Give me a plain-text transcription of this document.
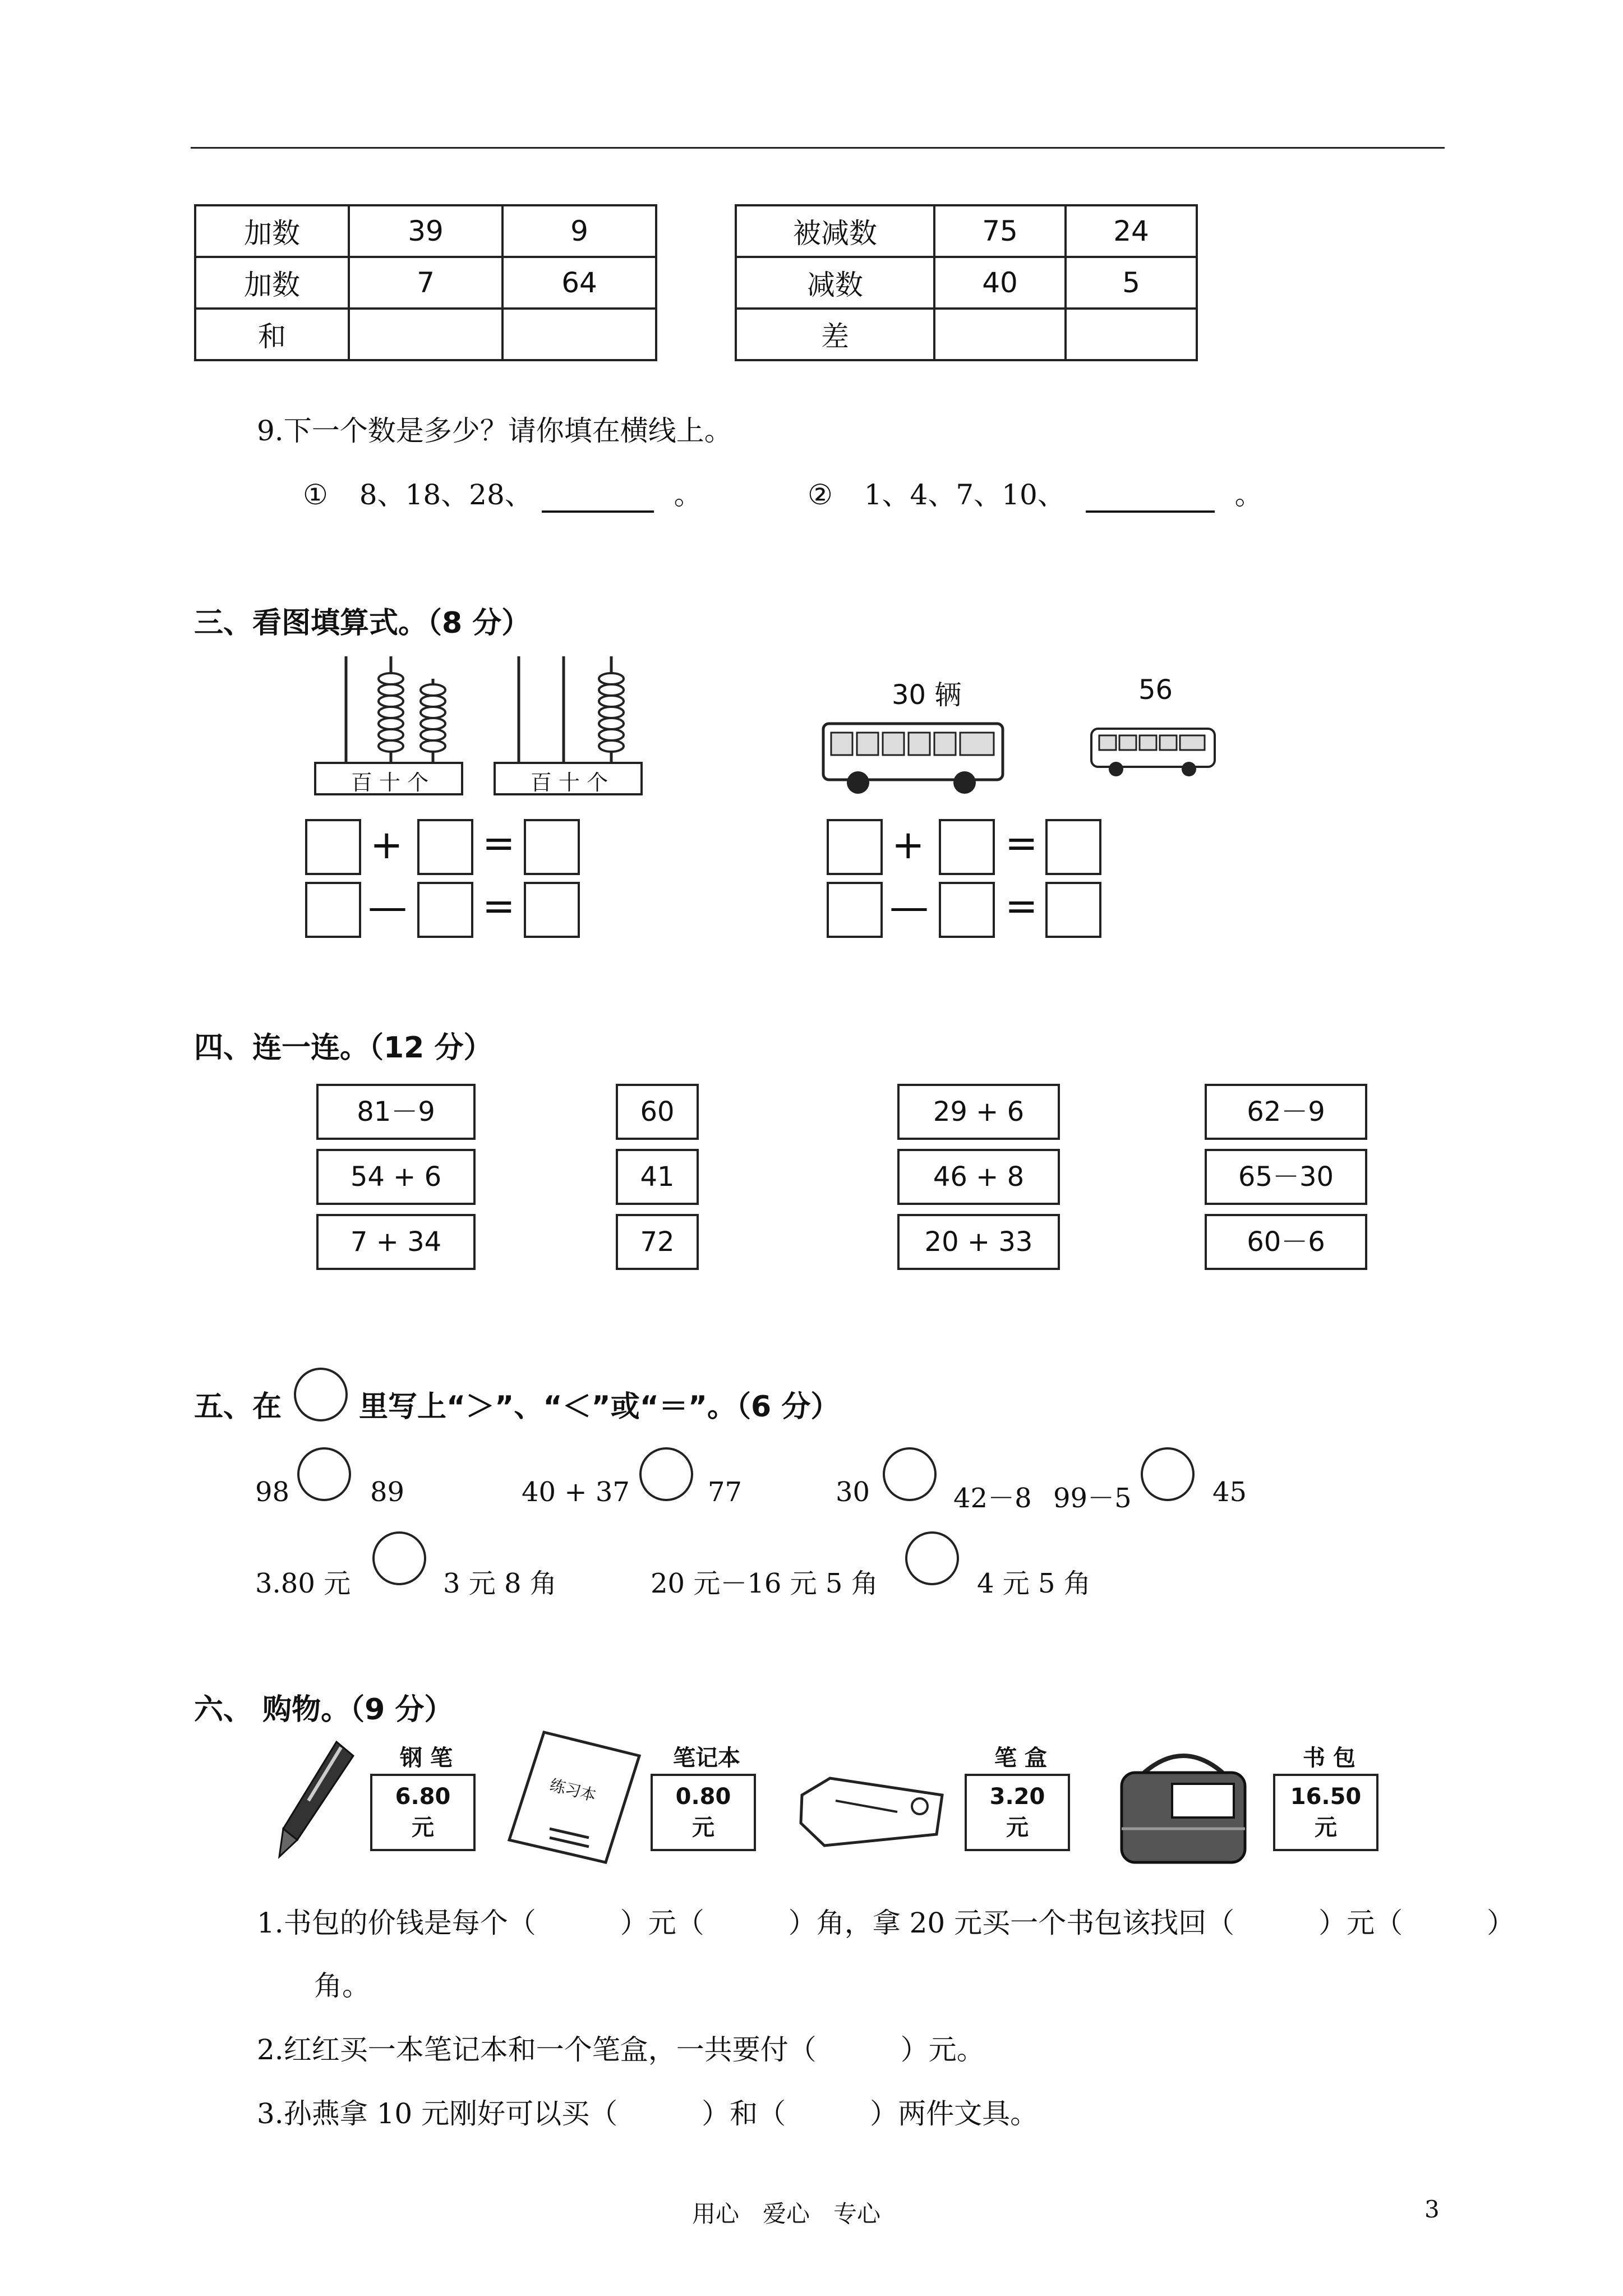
加数	39	9
加数	7	64
和		
被减数	75	24
减数	40	5
差		
9.下一个数是多少？请你填在横线上。
① 8、18、28、	。	② 1、4、7、10、	。
三、看图填算式。（8 分）
百 十 个	百 十 个
30 辆	56
+ =
— =
+ =
— =
四、连一连。（12 分）
81－9
54 + 6
7 + 34
60
41
72
29 + 6
46 + 8
20 + 33
62－9
65－30
60－6
五、在	里写上“＞”、“＜”或“＝”。（6 分）
98	89	40 + 37	77	30	42－8 99－5	45
3.80 元	3 元 8 角	20 元－16 元 5 角	4 元 5 角
六、 购物。（9 分）
钢 笔
6.80
元
练习本
笔记本
0.80
元
笔 盒
3.20
元
书 包
16.50
元
1.书包的价钱是每个（　　　）元（　　　）角，拿 20 元买一个书包该找回（　　　）元（　　　）
角。
2.红红买一本笔记本和一个笔盒，一共要付（　　　）元。
3.孙燕拿 10 元刚好可以买（　　　）和（　　　）两件文具。
用心　爱心　专心	3
